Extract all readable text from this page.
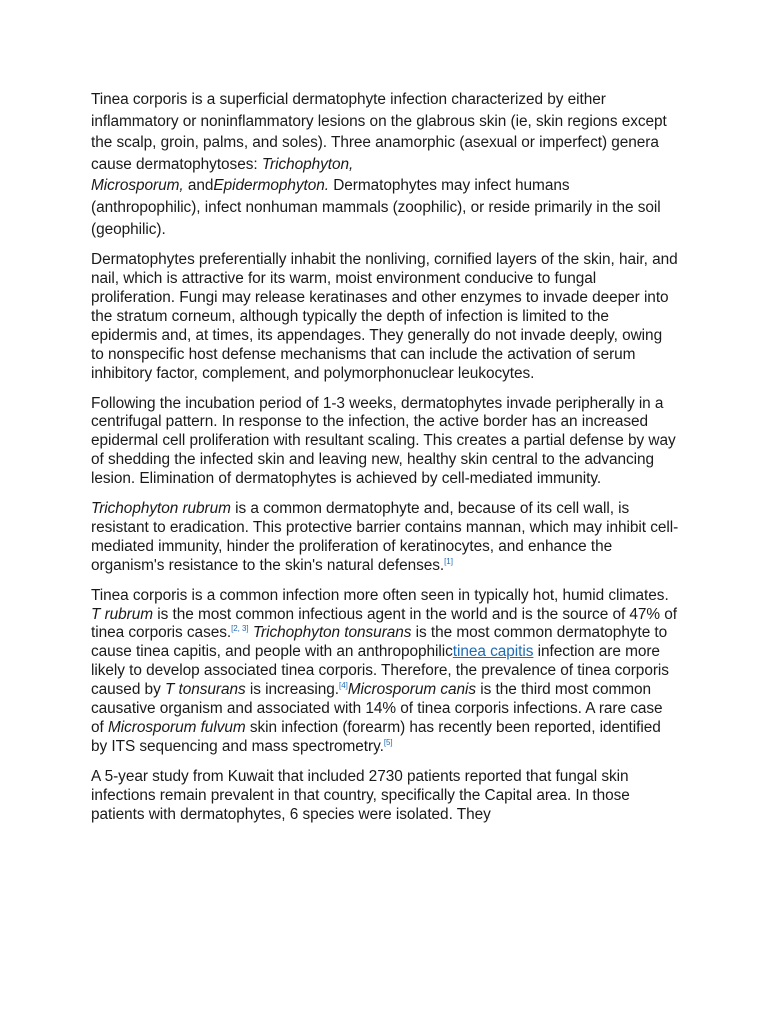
Tinea corporis is a superficial dermatophyte infection characterized by either inflammatory or noninflammatory lesions on the glabrous skin (ie, skin regions except the scalp, groin, palms, and soles). Three anamorphic (asexual or imperfect) genera cause dermatophytoses: Trichophyton,
Microsporum, andEpidermophyton. Dermatophytes may infect humans (anthropophilic), infect nonhuman mammals (zoophilic), or reside primarily in the soil (geophilic).

Dermatophytes preferentially inhabit the nonliving, cornified layers of the skin, hair, and nail, which is attractive for its warm, moist environment conducive to fungal proliferation. Fungi may release keratinases and other enzymes to invade deeper into the stratum corneum, although typically the depth of infection is limited to the epidermis and, at times, its appendages. They generally do not invade deeply, owing to nonspecific host defense mechanisms that can include the activation of serum inhibitory factor, complement, and polymorphonuclear leukocytes.

Following the incubation period of 1-3 weeks, dermatophytes invade peripherally in a centrifugal pattern. In response to the infection, the active border has an increased epidermal cell proliferation with resultant scaling. This creates a partial defense by way of shedding the infected skin and leaving new, healthy skin central to the advancing lesion. Elimination of dermatophytes is achieved by cell-mediated immunity.

Trichophyton rubrum is a common dermatophyte and, because of its cell wall, is resistant to eradication. This protective barrier contains mannan, which may inhibit cell-mediated immunity, hinder the proliferation of keratinocytes, and enhance the organism's resistance to the skin's natural defenses.[1]

Tinea corporis is a common infection more often seen in typically hot, humid climates. T rubrum is the most common infectious agent in the world and is the source of 47% of tinea corporis cases.[2, 3] Trichophyton tonsurans is the most common dermatophyte to cause tinea capitis, and people with an anthropophilictinea capitis infection are more likely to develop associated tinea corporis. Therefore, the prevalence of tinea corporis caused by T tonsurans is increasing.[4]Microsporum canis is the third most common causative organism and associated with 14% of tinea corporis infections. A rare case of Microsporum fulvum skin infection (forearm) has recently been reported, identified by ITS sequencing and mass spectrometry.[5]

A 5-year study from Kuwait that included 2730 patients reported that fungal skin infections remain prevalent in that country, specifically the Capital area. In those patients with dermatophytes, 6 species were isolated. They
